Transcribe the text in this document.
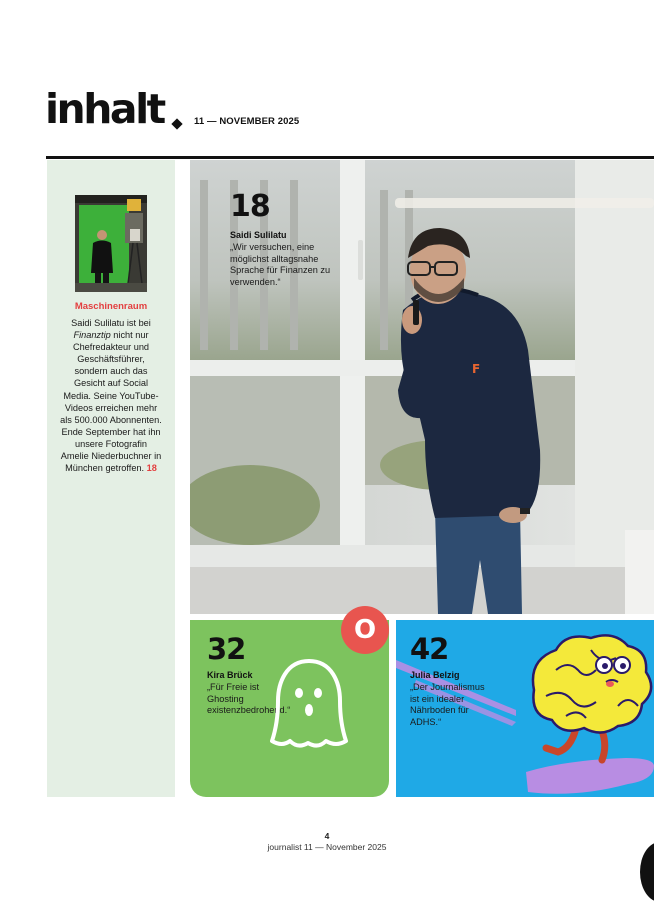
inhalt	11 — NOVEMBER 2025
Maschinenraum
Saidi Sulilatu ist bei Finanztip nicht nur Chefredakteur und Geschäftsführer, sondern auch das Gesicht auf Social Media. Seine YouTube-Videos erreichen mehr als 500.000 Abonnenten. Ende September hat ihn unsere Fotografin Amelie Niederbuchner in München getroffen. 18
F
18
Saidi Sulilatu
„Wir versuchen, eine möglichst alltagsnahe Sprache für Finanzen zu verwenden.“
32
Kira Brück
„Für Freie ist Ghosting existenzbedrohend.“
O
42
Julia Belzig
„Der Journalismus ist ein idealer Nährboden für ADHS.“
4
journalist 11 — November 2025
